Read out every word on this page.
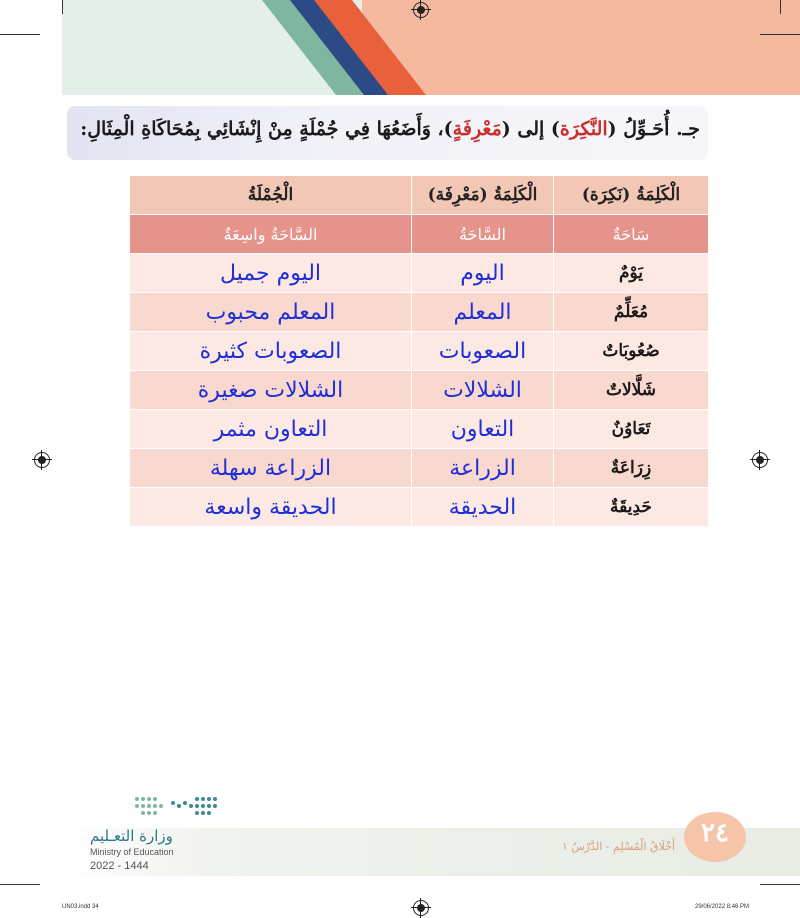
جـ. أُحَـوِّلُ (النَّكِرَة) إلى (مَعْرِفَةٍ)، وَأَضَعُهَا فِي جُمْلَةٍ مِنْ إِنْشَائِي بِمُحَاكَاةِ الْمِثَالِ:
الْكَلِمَةُ (نَكِرَة)	الْكَلِمَةُ (مَعْرِفَة)	الْجُمْلَةُ
سَاحَةٌ	السَّاحَةُ	السَّاحَةُ واسِعَةٌ
يَوْمٌ	اليوم	اليوم جميل
مُعَلِّمٌ	المعلم	المعلم محبوب
صُعُوبَاتٌ	الصعوبات	الصعوبات كثيرة
شَلَّالاتٌ	الشلالات	الشلالات صغيرة
تَعَاوُنٌ	التعاون	التعاون مثمر
زِرَاعَةٌ	الزراعة	الزراعة سهلة
حَدِيقَةٌ	الحديقة	الحديقة واسعة
٢٤
أَخْلَاقُ الْمُسْلِمِ - الدَّرْسُ ١
وزارة التعـليم
Ministry of Education
2022 - 1444
UN03.indd 34	29/06/2022 8:46 PM
